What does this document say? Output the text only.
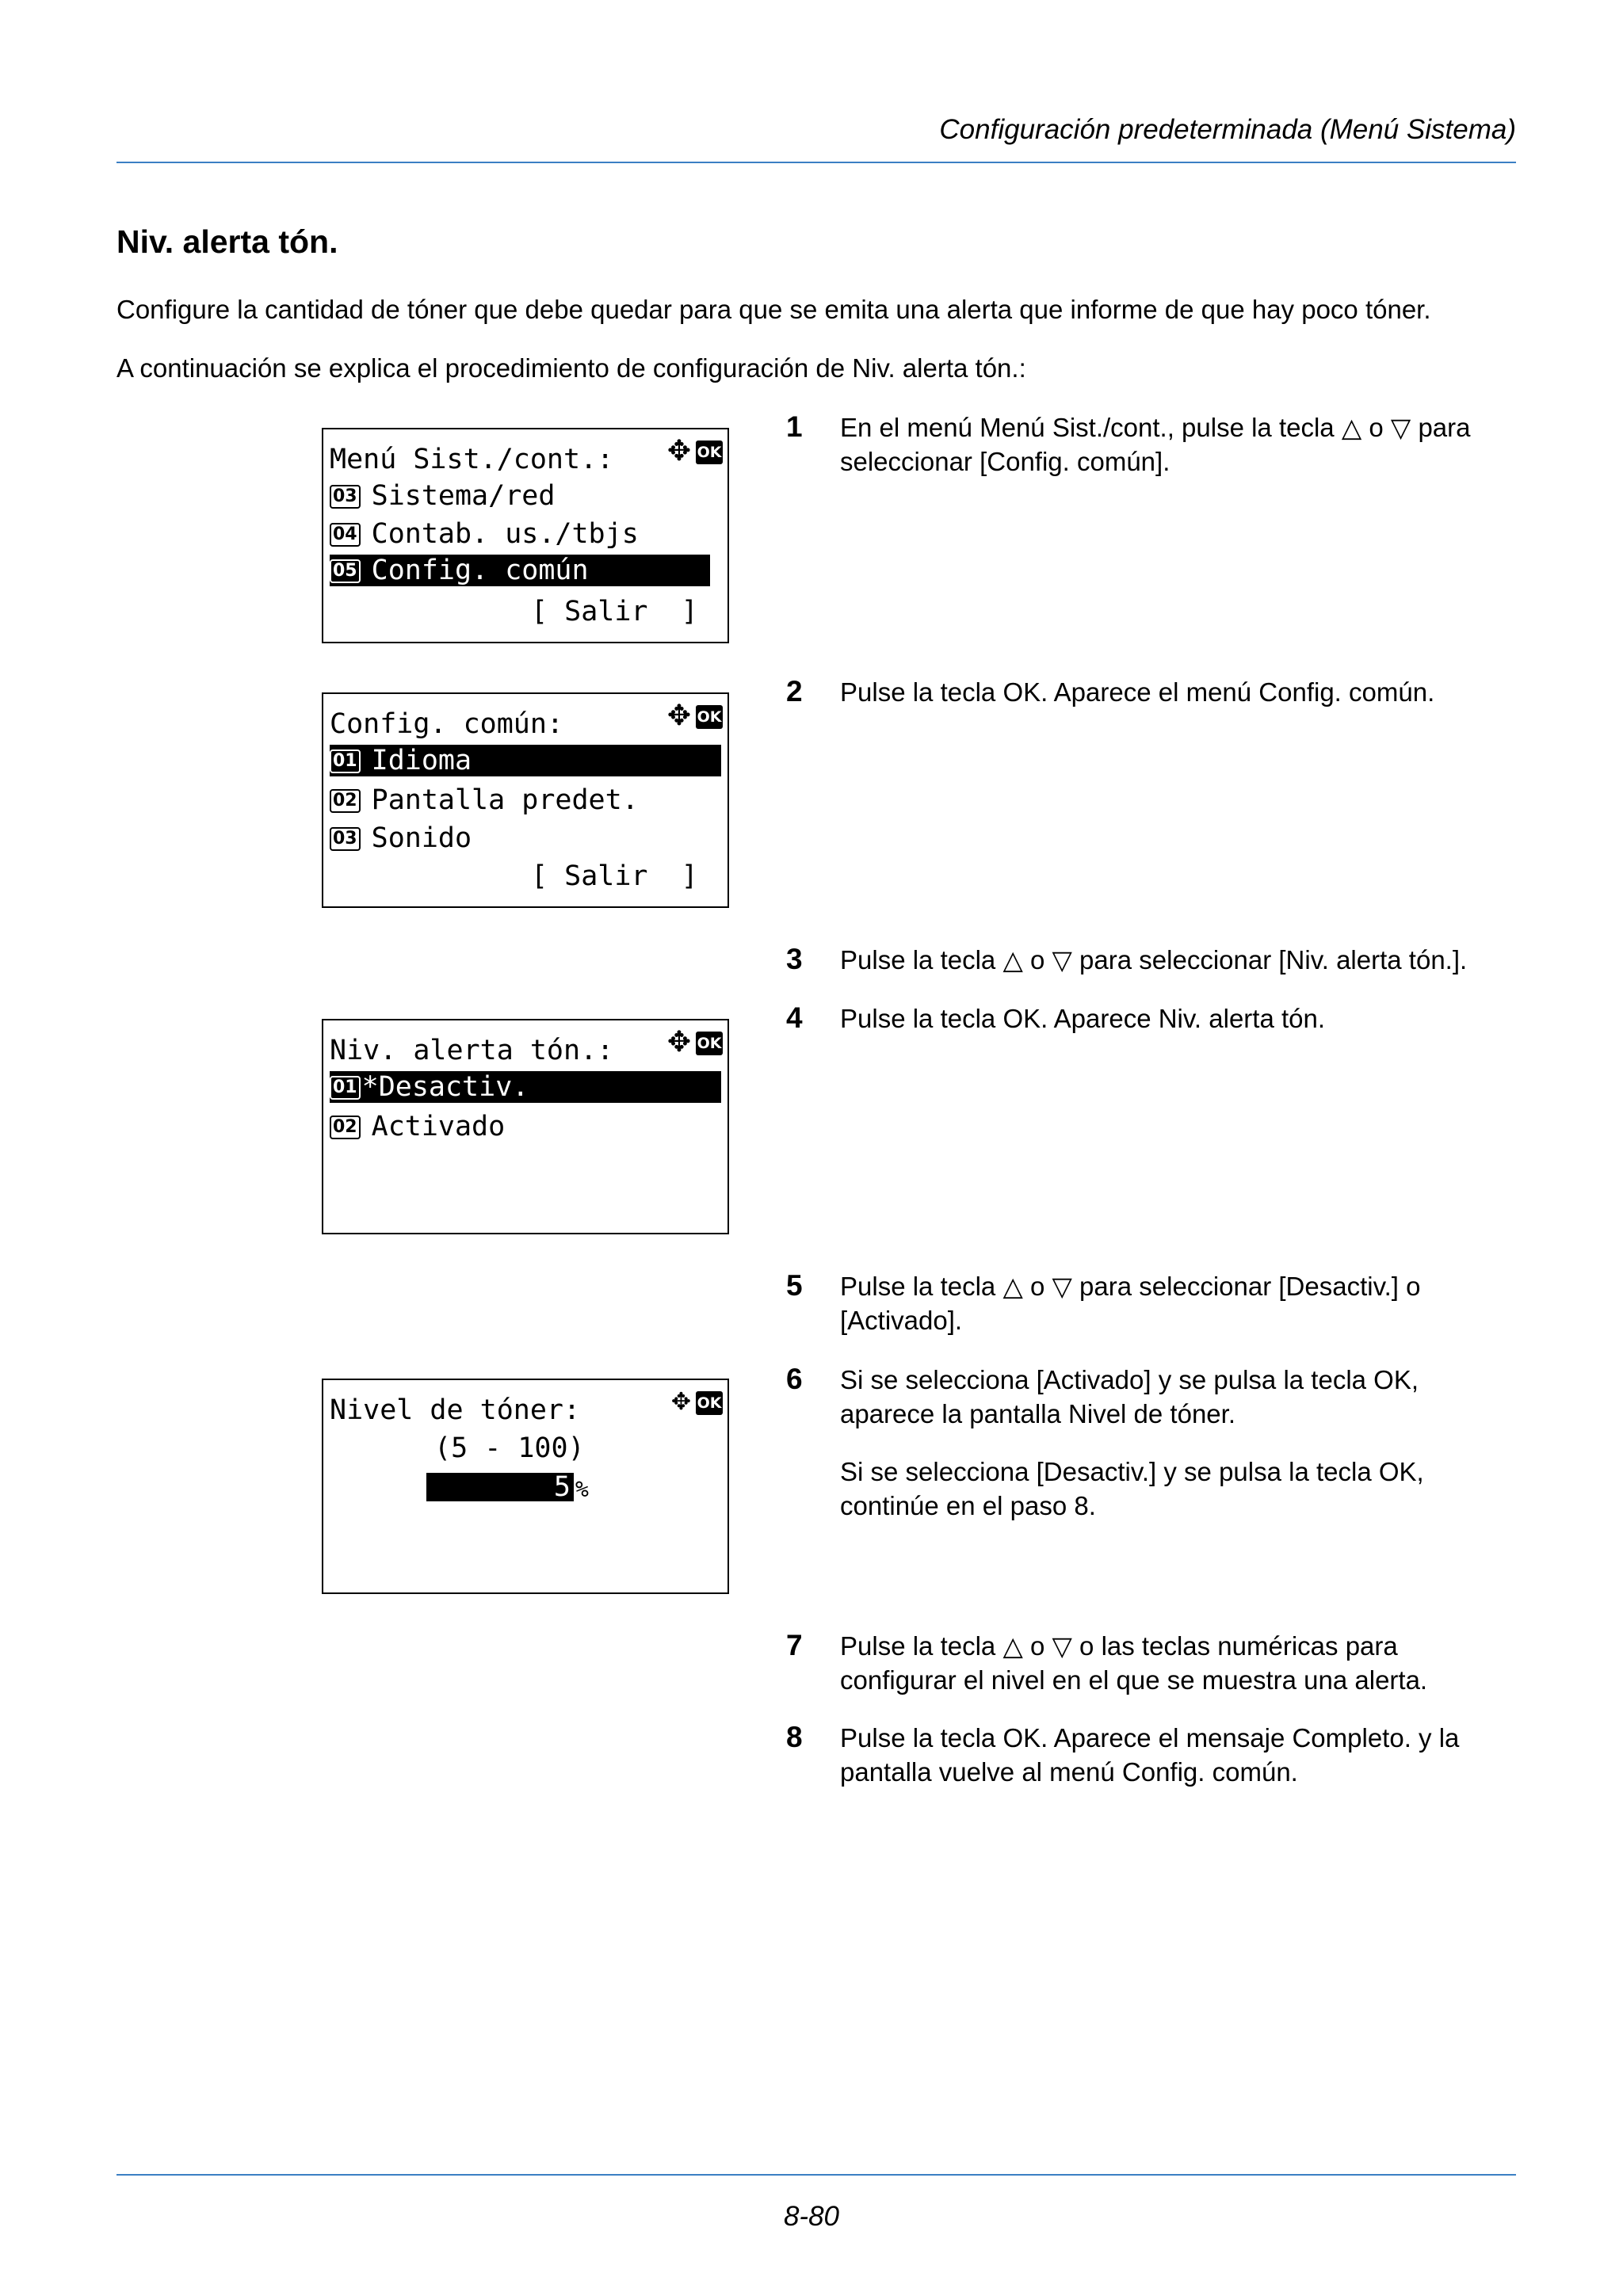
Configuración predeterminada (Menú Sistema)
Niv. alerta tón.
Configure la cantidad de tóner que debe quedar para que se emita una alerta que informe de que hay poco tóner.
A continuación se explica el procedimiento de configuración de Niv. alerta tón.:
Menú Sist./cont.: ✥ OK
03 Sistema/red
04 Contab. us./tbjs
05 Config. común
[ Salir  ]
Config. común:	✥ OK
01 Idioma
02 Pantalla predet.
03 Sonido
[ Salir  ]
Niv. alerta tón.: ✥ OK
01 *Desactiv.
02 Activado
Nivel de tóner:	✥ OK
(5 - 100)
5 %
1 En el menú Menú Sist./cont., pulse la tecla △ o ▽ para
seleccionar [Config. común].
2 Pulse la tecla OK. Aparece el menú Config. común.
3 Pulse la tecla △ o ▽ para seleccionar [Niv. alerta tón.].
4 Pulse la tecla OK. Aparece Niv. alerta tón.
5 Pulse la tecla △ o ▽ para seleccionar [Desactiv.] o
[Activado].
6 Si se selecciona [Activado] y se pulsa la tecla OK,
aparece la pantalla Nivel de tóner.
Si se selecciona [Desactiv.] y se pulsa la tecla OK,
continúe en el paso 8.
7 Pulse la tecla △ o ▽ o las teclas numéricas para
configurar el nivel en el que se muestra una alerta.
8 Pulse la tecla OK. Aparece el mensaje Completo. y la
pantalla vuelve al menú Config. común.
8-80
